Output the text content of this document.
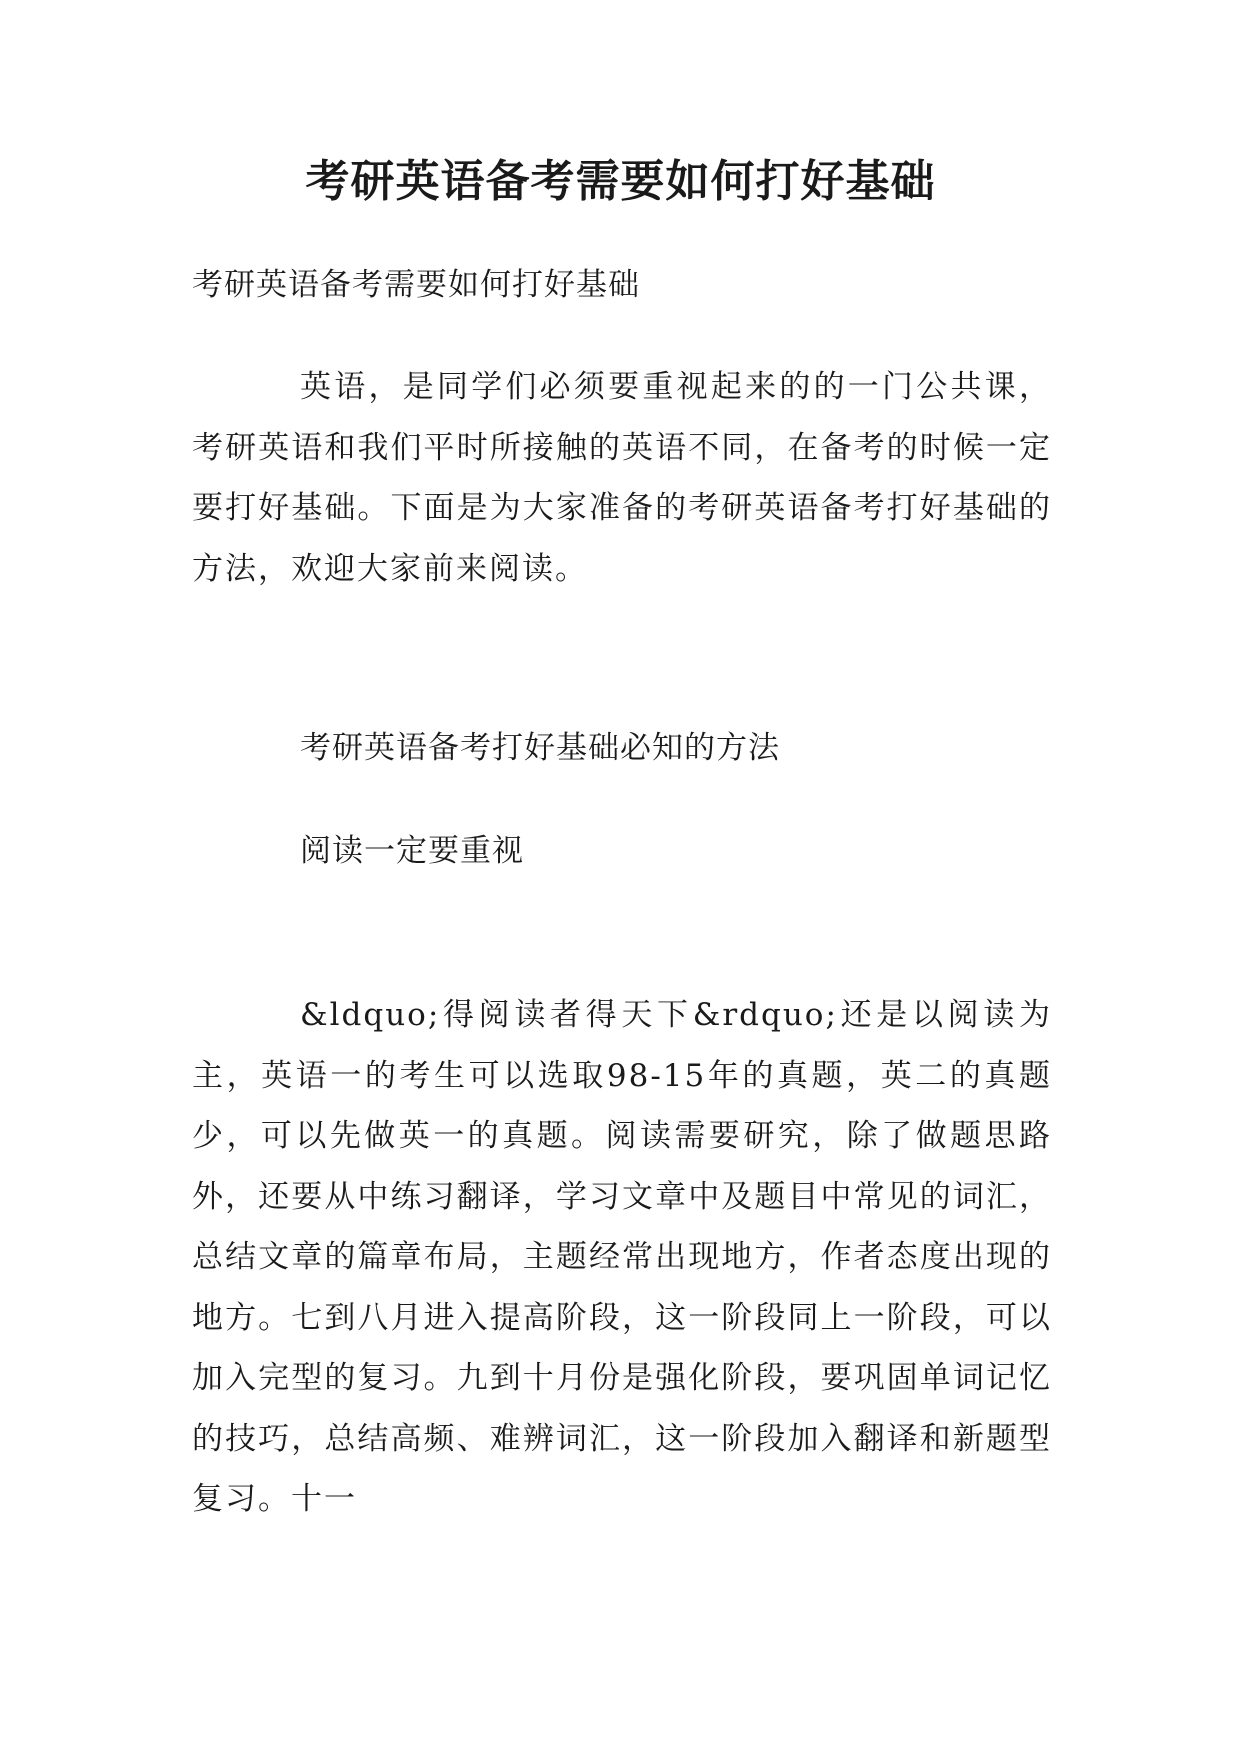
考研英语备考需要如何打好基础
考研英语备考需要如何打好基础
英语，是同学们必须要重视起来的的一门公共课，考研英语和我们平时所接触的英语不同，在备考的时候一定要打好基础。下面是为大家准备的考研英语备考打好基础的方法，欢迎大家前来阅读。
考研英语备考打好基础必知的方法
阅读一定要重视
&ldquo;得阅读者得天下&rdquo;还是以阅读为主，英语一的考生可以选取98-15年的真题，英二的真题少，可以先做英一的真题。阅读需要研究，除了做题思路外，还要从中练习翻译，学习文章中及题目中常见的词汇，总结文章的篇章布局，主题经常出现地方，作者态度出现的地方。七到八月进入提高阶段，这一阶段同上一阶段，可以加入完型的复习。九到十月份是强化阶段，要巩固单词记忆的技巧，总结高频、难辨词汇，这一阶段加入翻译和新题型复习。十一
